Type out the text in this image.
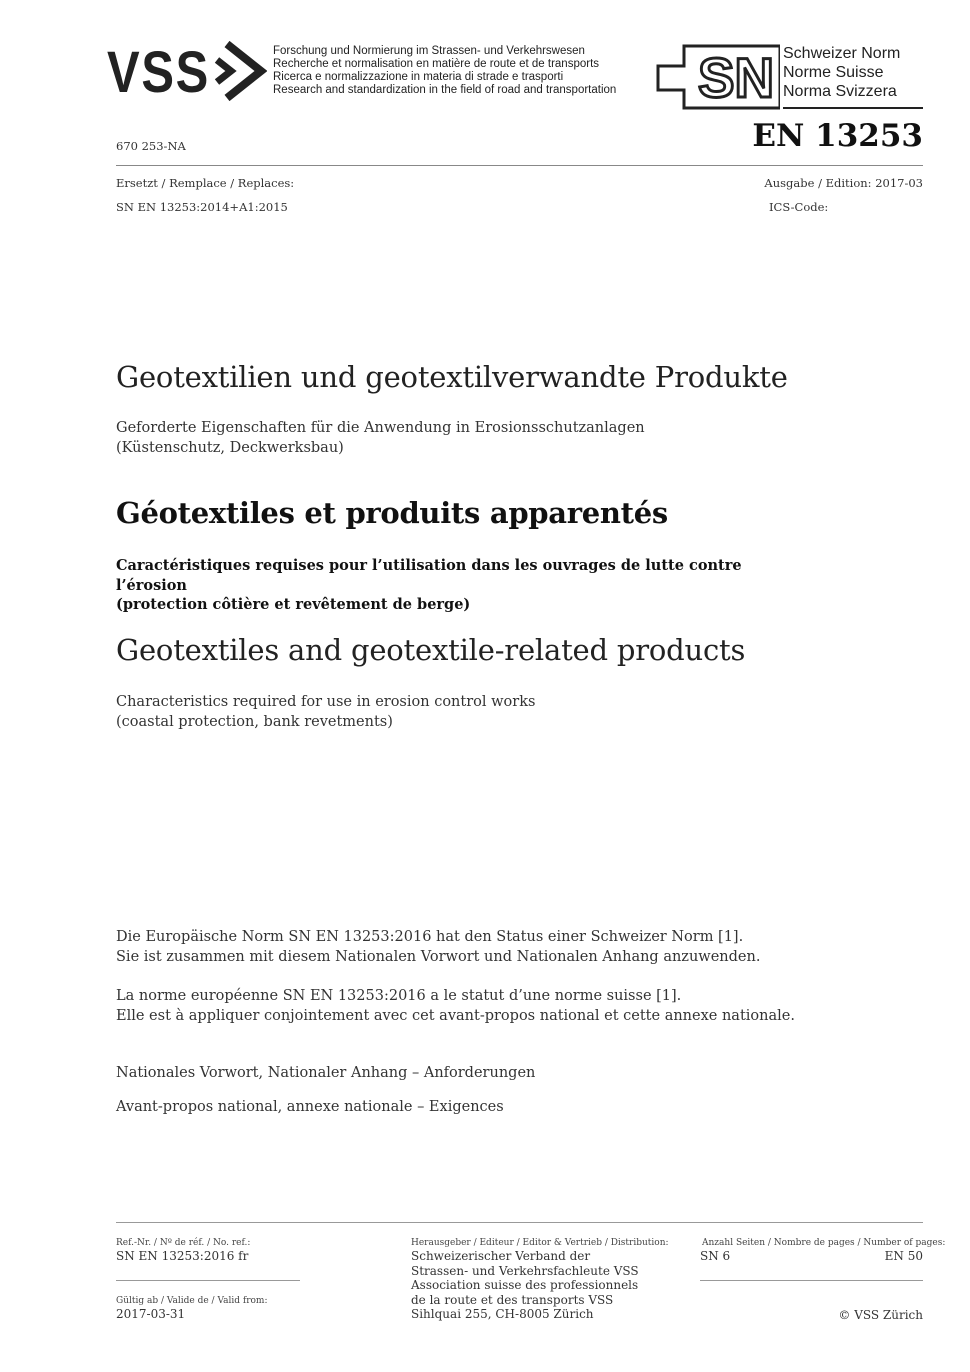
VSS	Forschung und Normierung im Strassen- und Verkehrswesen
Recherche et normalisation en matière de route et de transports
Ricerca e normalizzazione in materia di strade e trasporti
Research and standardization in the field of road and transportation SN Schweizer Norm
Norme Suisse
Norma Svizzera
670 253-NA	EN 13253
Ersetzt / Remplace / Replaces:
SN EN 13253:2014+A1:2015
Ausgabe / Edition: 2017-03
ICS-Code:
Geotextilien und geotextilverwandte Produkte
Geforderte Eigenschaften für die Anwendung in Erosionsschutzanlagen
(Küstenschutz, Deckwerksbau)
Géotextiles et produits apparentés
Caractéristiques requises pour l’utilisation dans les ouvrages de lutte contre l’érosion
(protection côtière et revêtement de berge)
Geotextiles and geotextile-related products
Characteristics required for use in erosion control works
(coastal protection, bank revetments)
Die Europäische Norm SN EN 13253:2016 hat den Status einer Schweizer Norm [1].
Sie ist zusammen mit diesem Nationalen Vorwort und Nationalen Anhang anzuwenden.
La norme européenne SN EN 13253:2016 a le statut d’une norme suisse [1].
Elle est à appliquer conjointement avec cet avant-propos national et cette annexe nationale.
Nationales Vorwort, Nationaler Anhang – Anforderungen
Avant-propos national, annexe nationale – Exigences
Ref.-Nr. / Nº de réf. / No. ref.:
SN EN 13253:2016 fr
Gültig ab / Valide de / Valid from:
2017-03-31
Herausgeber / Editeur / Editor & Vertrieb / Distribution:
Schweizerischer Verband der
Strassen- und Verkehrsfachleute VSS
Association suisse des professionnels
de la route et des transports VSS
Sihlquai 255, CH-8005 Zürich
Anzahl Seiten / Nombre de pages / Number of pages:
SN 6	EN 50
© VSS Zürich
